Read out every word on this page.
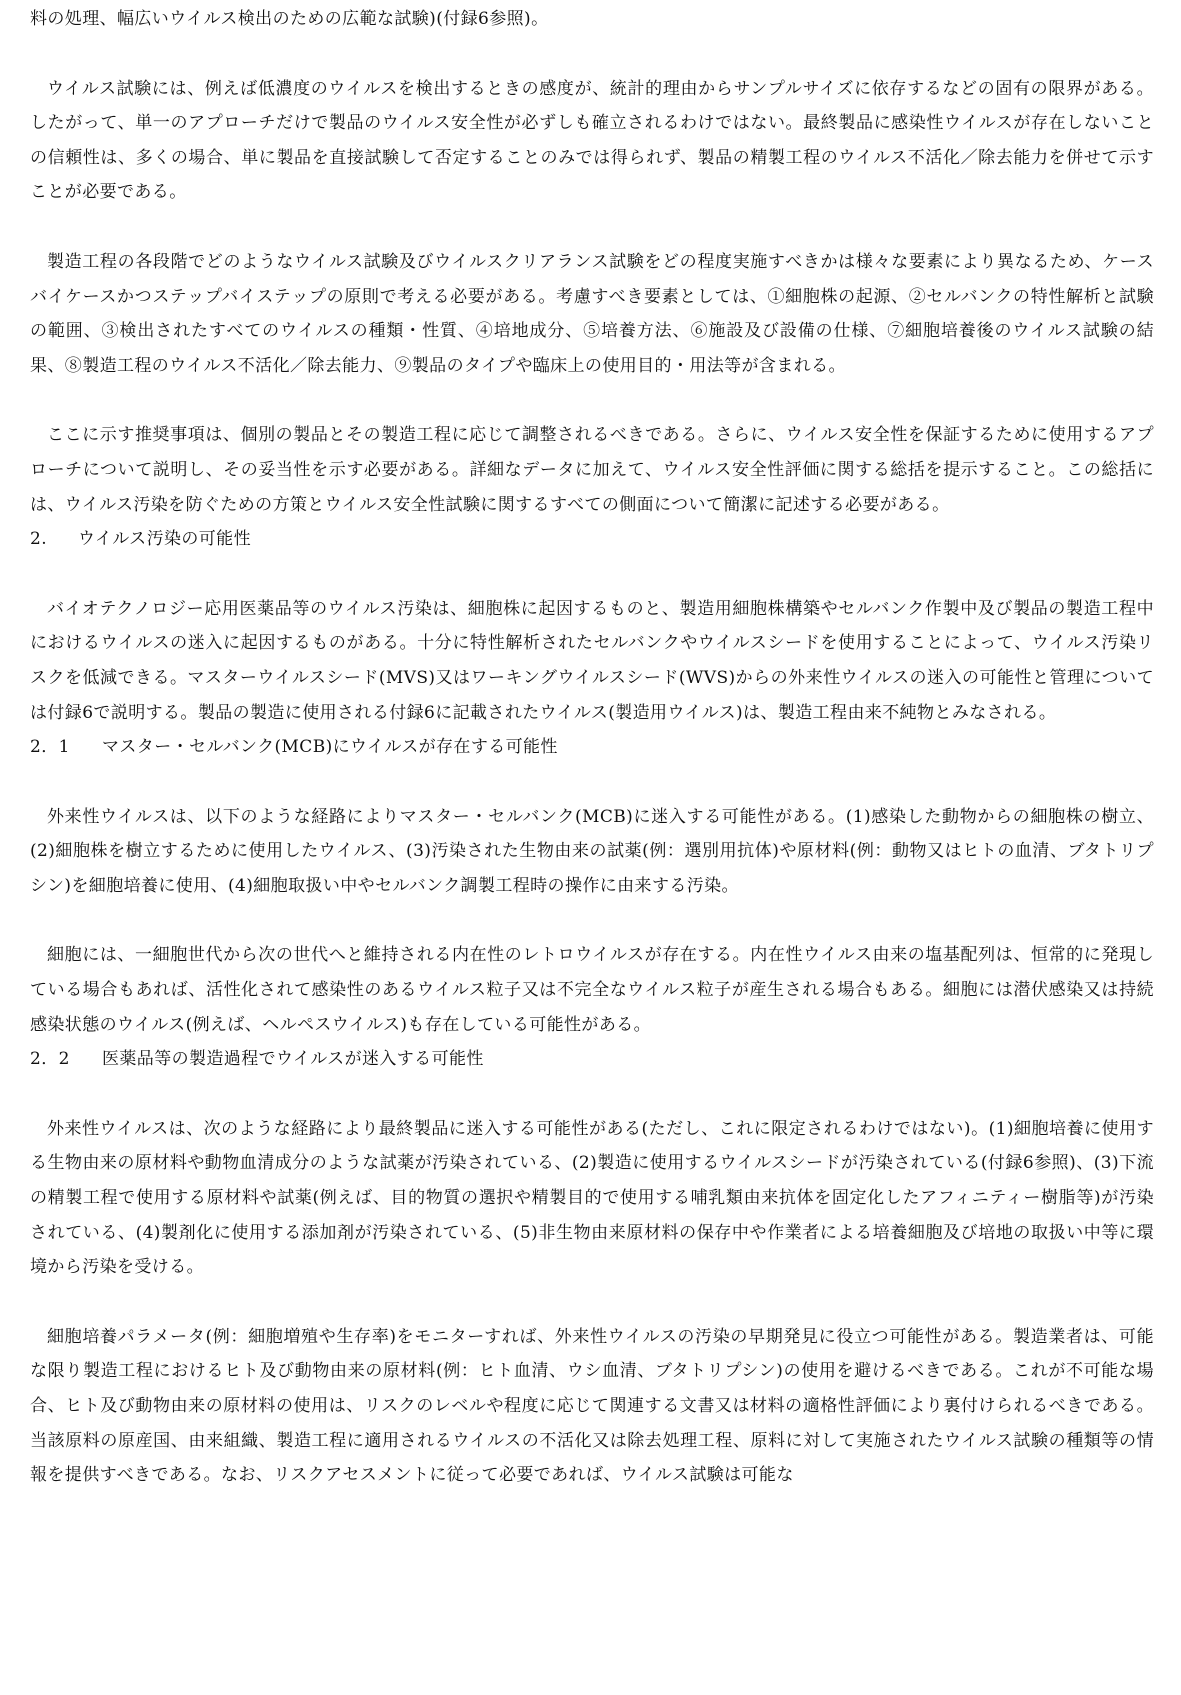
料の処理、幅広いウイルス検出のための広範な試験)(付録6参照)。

ウイルス試験には、例えば低濃度のウイルスを検出するときの感度が、統計的理由からサンプルサイズに依存するなどの固有の限界がある。したがって、単一のアプローチだけで製品のウイルス安全性が必ずしも確立されるわけではない。最終製品に感染性ウイルスが存在しないことの信頼性は、多くの場合、単に製品を直接試験して否定することのみでは得られず、製品の精製工程のウイルス不活化／除去能力を併せて示すことが必要である。

製造工程の各段階でどのようなウイルス試験及びウイルスクリアランス試験をどの程度実施すべきかは様々な要素により異なるため、ケースバイケースかつステップバイステップの原則で考える必要がある。考慮すべき要素としては、①細胞株の起源、②セルバンクの特性解析と試験の範囲、③検出されたすべてのウイルスの種類・性質、④培地成分、⑤培養方法、⑥施設及び設備の仕様、⑦細胞培養後のウイルス試験の結果、⑧製造工程のウイルス不活化／除去能力、⑨製品のタイプや臨床上の使用目的・用法等が含まれる。

ここに示す推奨事項は、個別の製品とその製造工程に応じて調整されるべきである。さらに、ウイルス安全性を保証するために使用するアプローチについて説明し、その妥当性を示す必要がある。詳細なデータに加えて、ウイルス安全性評価に関する総括を提示すること。この総括には、ウイルス汚染を防ぐための方策とウイルス安全性試験に関するすべての側面について簡潔に記述する必要がある。

2. ウイルス汚染の可能性

バイオテクノロジー応用医薬品等のウイルス汚染は、細胞株に起因するものと、製造用細胞株構築やセルバンク作製中及び製品の製造工程中におけるウイルスの迷入に起因するものがある。十分に特性解析されたセルバンクやウイルスシードを使用することによって、ウイルス汚染リスクを低減できる。マスターウイルスシード(MVS)又はワーキングウイルスシード(WVS)からの外来性ウイルスの迷入の可能性と管理については付録6で説明する。製品の製造に使用される付録6に記載されたウイルス(製造用ウイルス)は、製造工程由来不純物とみなされる。

2．1 マスター・セルバンク(MCB)にウイルスが存在する可能性

外来性ウイルスは、以下のような経路によりマスター・セルバンク(MCB)に迷入する可能性がある。(1)感染した動物からの細胞株の樹立、(2)細胞株を樹立するために使用したウイルス、(3)汚染された生物由来の試薬(例：選別用抗体)や原材料(例：動物又はヒトの血清、ブタトリプシン)を細胞培養に使用、(4)細胞取扱い中やセルバンク調製工程時の操作に由来する汚染。

細胞には、一細胞世代から次の世代へと維持される内在性のレトロウイルスが存在する。内在性ウイルス由来の塩基配列は、恒常的に発現している場合もあれば、活性化されて感染性のあるウイルス粒子又は不完全なウイルス粒子が産生される場合もある。細胞には潜伏感染又は持続感染状態のウイルス(例えば、ヘルペスウイルス)も存在している可能性がある。

2．2 医薬品等の製造過程でウイルスが迷入する可能性

外来性ウイルスは、次のような経路により最終製品に迷入する可能性がある(ただし、これに限定されるわけではない)。(1)細胞培養に使用する生物由来の原材料や動物血清成分のような試薬が汚染されている、(2)製造に使用するウイルスシードが汚染されている(付録6参照)、(3)下流の精製工程で使用する原材料や試薬(例えば、目的物質の選択や精製目的で使用する哺乳類由来抗体を固定化したアフィニティー樹脂等)が汚染されている、(4)製剤化に使用する添加剤が汚染されている、(5)非生物由来原材料の保存中や作業者による培養細胞及び培地の取扱い中等に環境から汚染を受ける。

細胞培養パラメータ(例：細胞増殖や生存率)をモニターすれば、外来性ウイルスの汚染の早期発見に役立つ可能性がある。製造業者は、可能な限り製造工程におけるヒト及び動物由来の原材料(例：ヒト血清、ウシ血清、ブタトリプシン)の使用を避けるべきである。これが不可能な場合、ヒト及び動物由来の原材料の使用は、リスクのレベルや程度に応じて関連する文書又は材料の適格性評価により裏付けられるべきである。当該原料の原産国、由来組織、製造工程に適用されるウイルスの不活化又は除去処理工程、原料に対して実施されたウイルス試験の種類等の情報を提供すべきである。なお、リスクアセスメントに従って必要であれば、ウイルス試験は可能な
